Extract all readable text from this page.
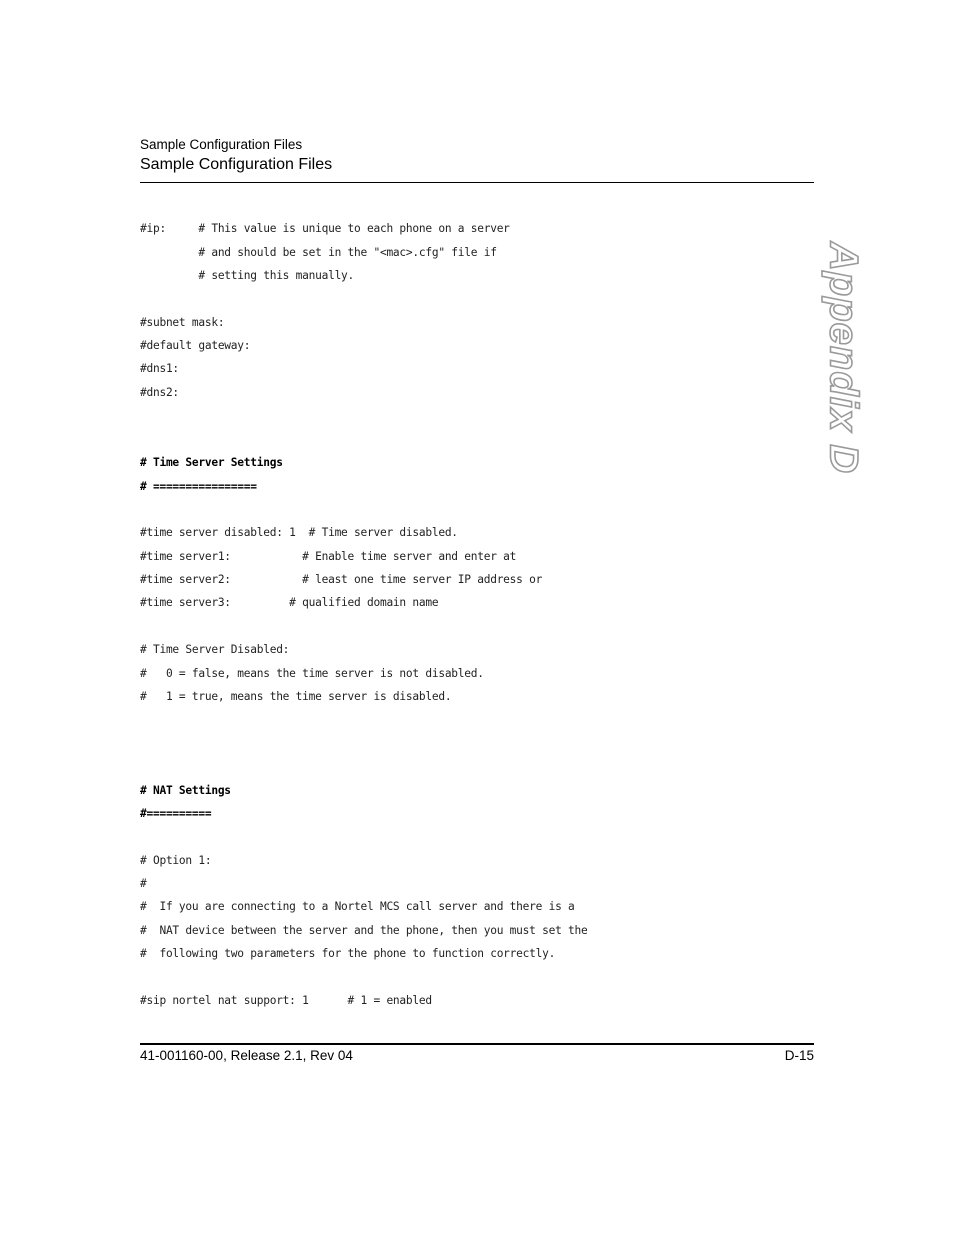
Sample Configuration Files
Sample Configuration Files
Appendix D
#ip:     # This value is unique to each phone on a server
# and should be set in the "<mac>.cfg" file if
# setting this manually.
#subnet mask:
#default gateway:
#dns1:
#dns2:
# Time Server Settings
# ================
#time server disabled: 1  # Time server disabled.
#time server1:           # Enable time server and enter at
#time server2:           # least one time server IP address or
#time server3:         # qualified domain name
# Time Server Disabled:
#   0 = false, means the time server is not disabled.
#   1 = true, means the time server is disabled.
# NAT Settings
#==========
# Option 1:
#
#  If you are connecting to a Nortel MCS call server and there is a
#  NAT device between the server and the phone, then you must set the
#  following two parameters for the phone to function correctly.
#sip nortel nat support: 1      # 1 = enabled
41-001160-00, Release 2.1, Rev 04	D-15
